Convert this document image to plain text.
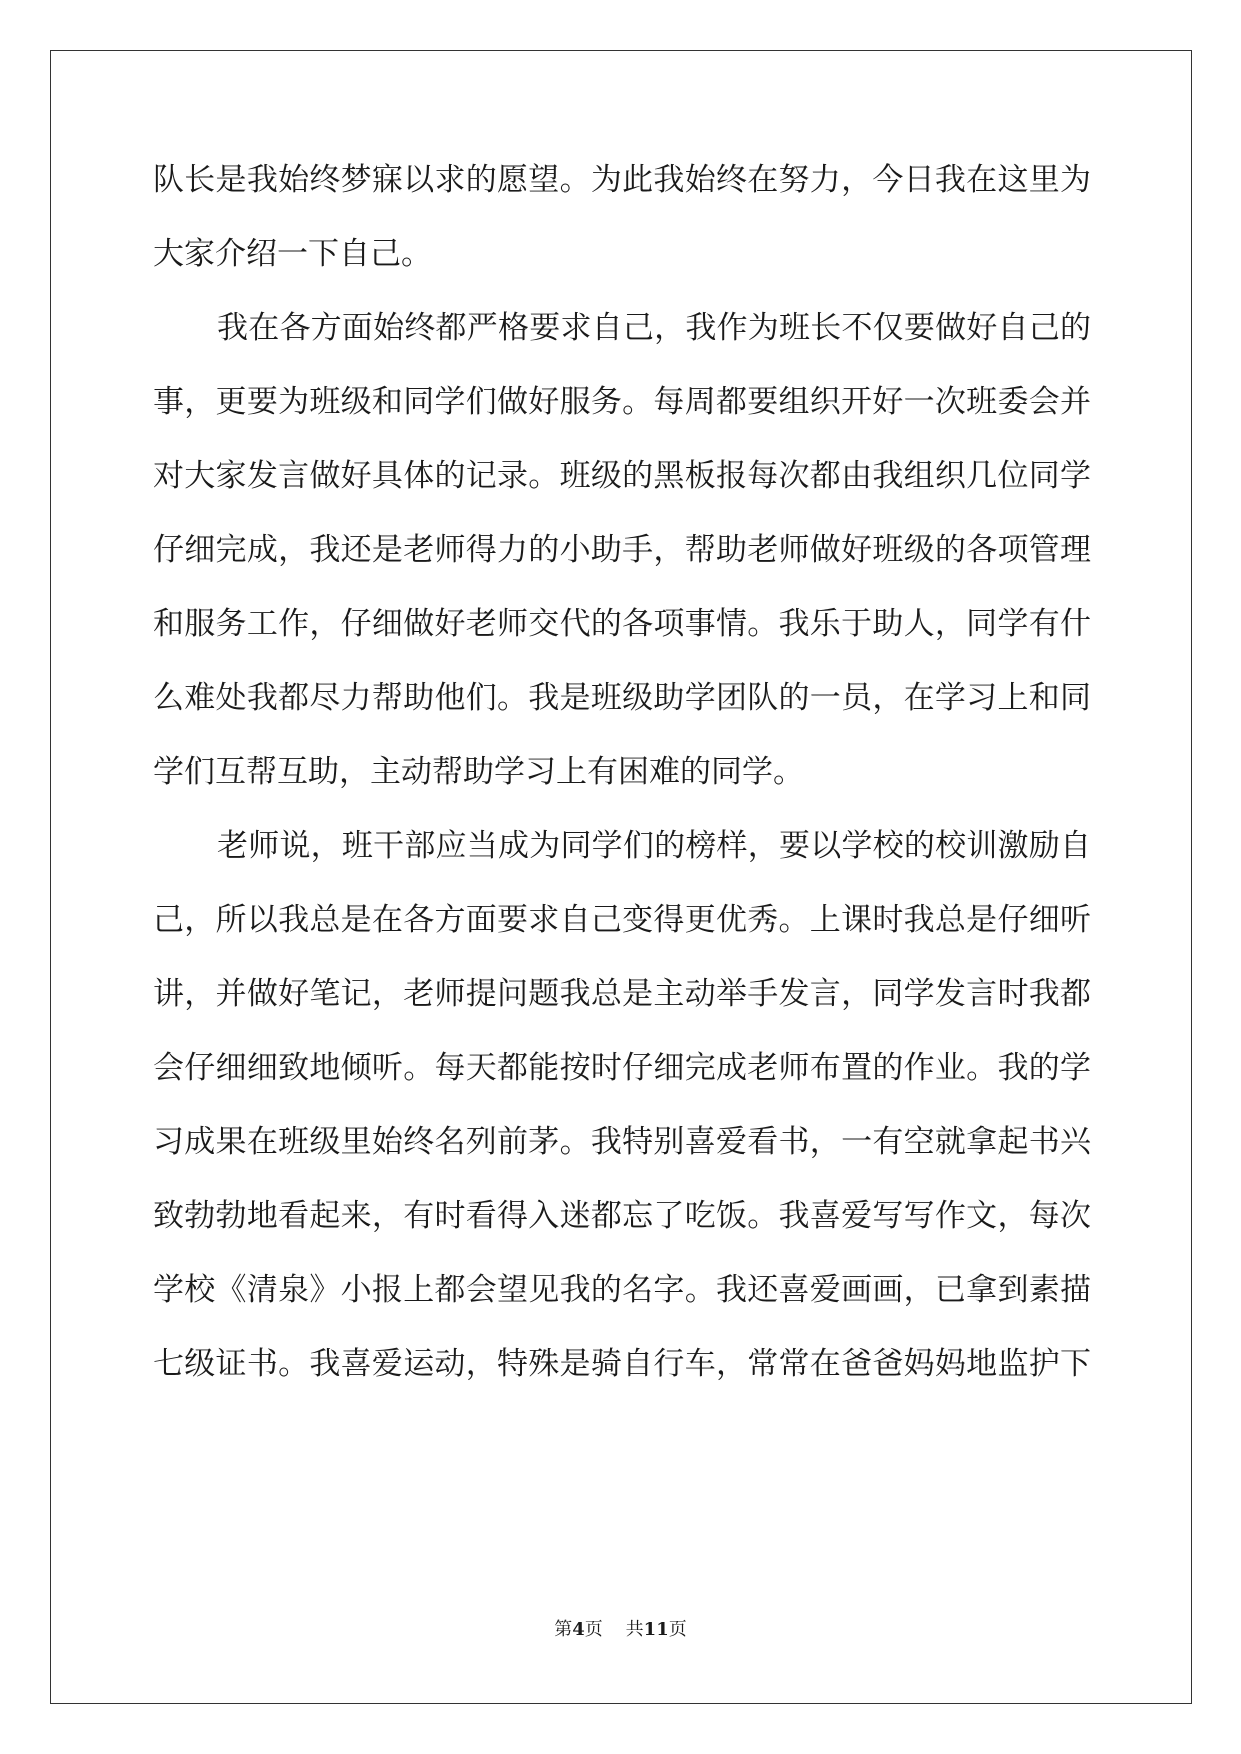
队长是我始终梦寐以求的愿望。为此我始终在努力，今日我在这里为
大家介绍一下自己。
我在各方面始终都严格要求自己，我作为班长不仅要做好自己的
事，更要为班级和同学们做好服务。每周都要组织开好一次班委会并
对大家发言做好具体的记录。班级的黑板报每次都由我组织几位同学
仔细完成，我还是老师得力的小助手，帮助老师做好班级的各项管理
和服务工作，仔细做好老师交代的各项事情。我乐于助人，同学有什
么难处我都尽力帮助他们。我是班级助学团队的一员，在学习上和同
学们互帮互助，主动帮助学习上有困难的同学。
老师说，班干部应当成为同学们的榜样，要以学校的校训激励自
己，所以我总是在各方面要求自己变得更优秀。上课时我总是仔细听
讲，并做好笔记，老师提问题我总是主动举手发言，同学发言时我都
会仔细细致地倾听。每天都能按时仔细完成老师布置的作业。我的学
习成果在班级里始终名列前茅。我特别喜爱看书，一有空就拿起书兴
致勃勃地看起来，有时看得入迷都忘了吃饭。我喜爱写写作文，每次
学校《清泉》小报上都会望见我的名字。我还喜爱画画，已拿到素描
七级证书。我喜爱运动，特殊是骑自行车，常常在爸爸妈妈地监护下
第4页 共11页
